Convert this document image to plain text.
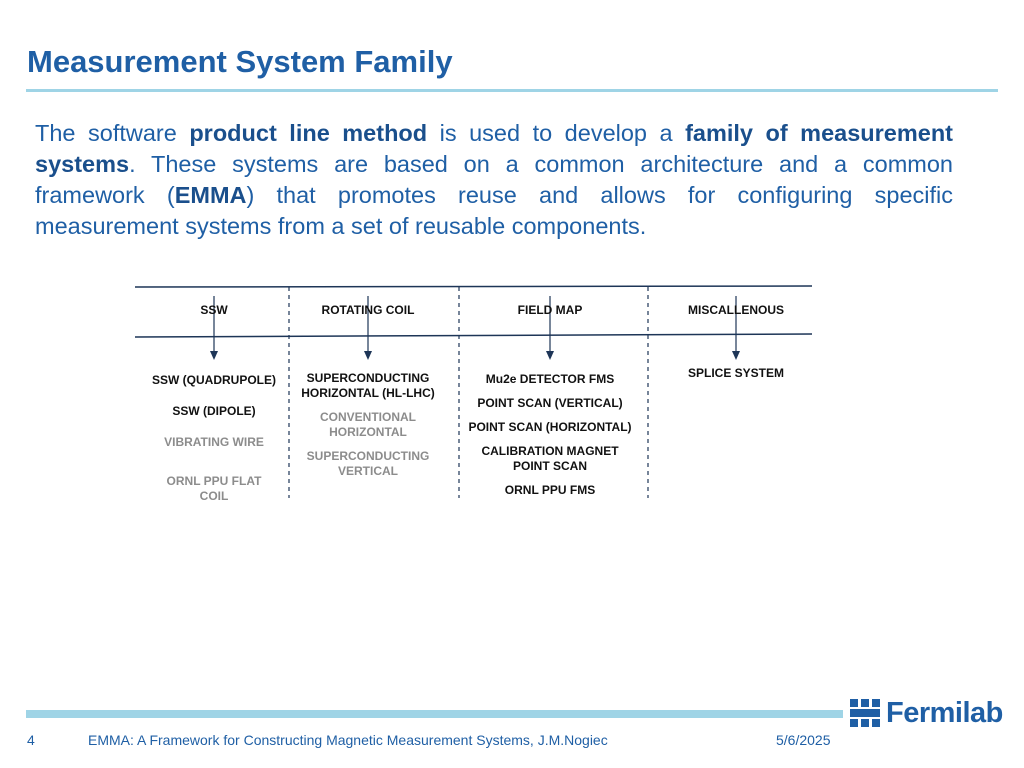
Measurement System Family

The software product line method is used to develop a family of measurement systems. These systems are based on a common architecture and a common framework (EMMA) that promotes reuse and allows for configuring specific measurement systems from a set of reusable components.

SSW
SSW (QUADRUPOLE)
SSW (DIPOLE)
VIBRATING WIRE
ORNL PPU FLAT
COIL
ROTATING COIL
SUPERCONDUCTING
HORIZONTAL (HL-LHC)
CONVENTIONAL
HORIZONTAL
SUPERCONDUCTING
VERTICAL
FIELD MAP
Mu2e DETECTOR FMS
POINT SCAN (VERTICAL)
POINT SCAN (HORIZONTAL)
CALIBRATION MAGNET
POINT SCAN
ORNL PPU FMS
MISCALLENOUS
SPLICE SYSTEM
4	EMMA: A Framework for Constructing Magnetic Measurement Systems, J.M.Nogiec	5/6/2025
Fermilab
